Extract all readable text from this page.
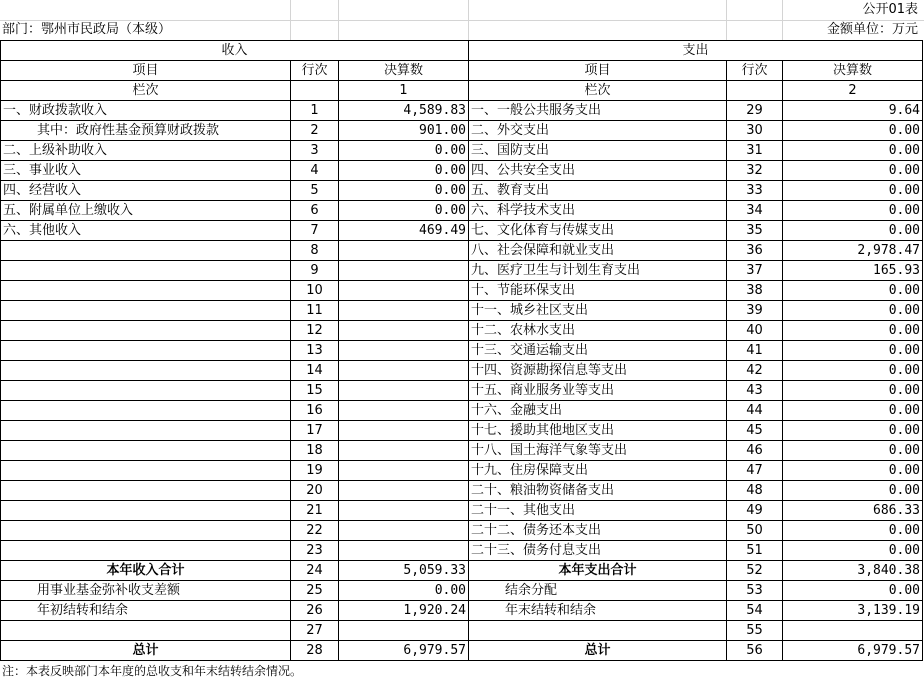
公开01表
部门：鄂州市民政局（本级）	金额单位：万元
收入			支出		
项目	行次	决算数	项目	行次	决算数
栏次		1	栏次		2
一、财政拨款收入	1	4,589.83	一、一般公共服务支出	29	9.64
其中：政府性基金预算财政拨款	2	901.00	二、外交支出	30	0.00
二、上级补助收入	3	0.00	三、国防支出	31	0.00
三、事业收入	4	0.00	四、公共安全支出	32	0.00
四、经营收入	5	0.00	五、教育支出	33	0.00
五、附属单位上缴收入	6	0.00	六、科学技术支出	34	0.00
六、其他收入	7	469.49	七、文化体育与传媒支出	35	0.00
	8		八、社会保障和就业支出	36	2,978.47
	9		九、医疗卫生与计划生育支出	37	165.93
	10		十、节能环保支出	38	0.00
	11		十一、城乡社区支出	39	0.00
	12		十二、农林水支出	40	0.00
	13		十三、交通运输支出	41	0.00
	14		十四、资源勘探信息等支出	42	0.00
	15		十五、商业服务业等支出	43	0.00
	16		十六、金融支出	44	0.00
	17		十七、援助其他地区支出	45	0.00
	18		十八、国土海洋气象等支出	46	0.00
	19		十九、住房保障支出	47	0.00
	20		二十、粮油物资储备支出	48	0.00
	21		二十一、其他支出	49	686.33
	22		二十二、债务还本支出	50	0.00
	23		二十三、债务付息支出	51	0.00
本年收入合计	24	5,059.33	本年支出合计	52	3,840.38
用事业基金弥补收支差额	25	0.00	结余分配	53	0.00
年初结转和结余	26	1,920.24	年末结转和结余	54	3,139.19
	27			55	
总计	28	6,979.57	总计	56	6,979.57
注：本表反映部门本年度的总收支和年末结转结余情况。
